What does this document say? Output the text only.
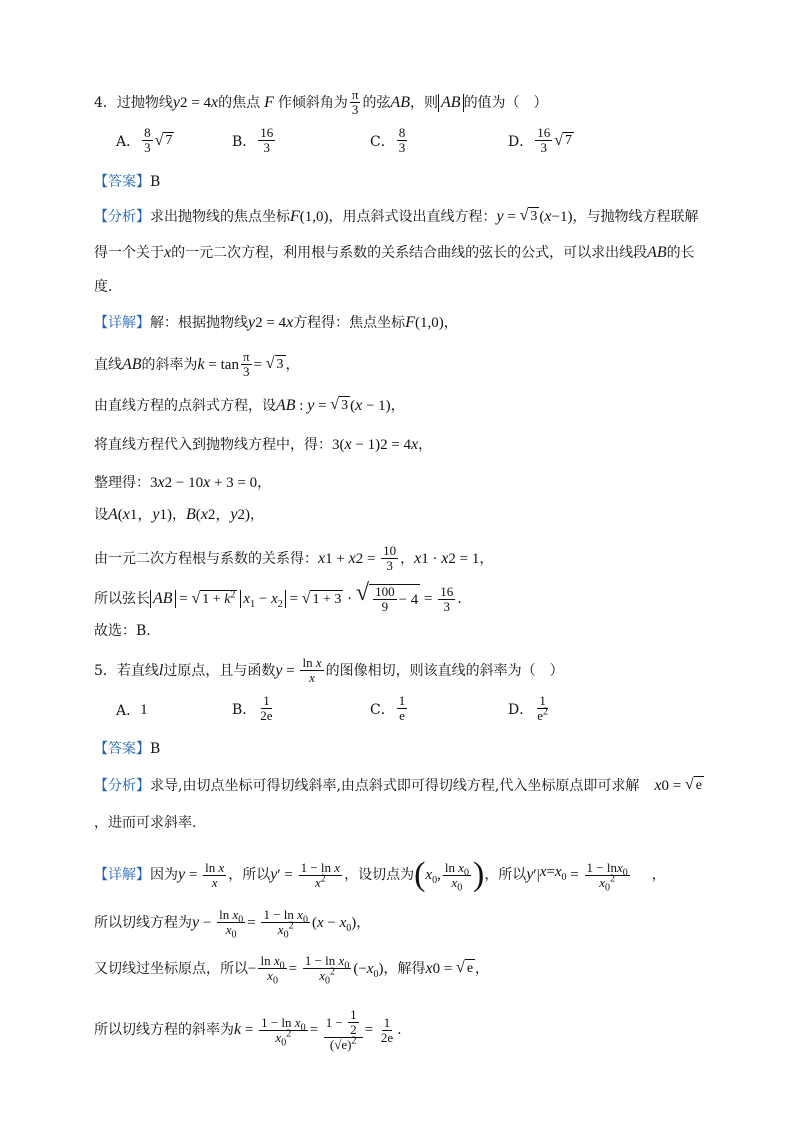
4． 过抛物线 y 2 = 4 x 的焦点 F 作倾斜角为 $\frac{\pi}{3}$ 的弦 AB ，则 AB 的值为（　）
A． $\frac{8}{3}$ √ 7	B． $\frac{16}{3}$	C． $\frac{8}{3}$	D． $\frac{16}{3}$ √ 7
【答案】 B
【分析】 求出抛物线的焦点坐标 F (1,0) ，用点斜式设出直线方程： y = √ 3 ( x −1) ，与抛物线方程联解
得一个关于 x 的一元二次方程，利用根与系数的关系结合曲线的弦长的公式，可以求出线段 AB 的长
度.
【详解】 解：根据抛物线 y 2 = 4 x 方程得：焦点坐标 F (1,0) ，
直线 AB 的斜率为 $k = \tan \frac{\pi}{3}$ = √ 3 ，
由直线方程的点斜式方程，设 AB : y = √ 3 ( x − 1) ，
将直线方程代入到抛物线方程中，得： 3( x − 1) 2 = 4 x ，
整理得： 3 x 2 − 10 x + 3 = 0 ，
设 A ( x 1 ， y 1 ) ， B ( x 2 ， y 2 ) ，
由一元二次方程根与系数的关系得： x 1 + x $2 = \frac{10}{3}$ ， x 1 · x 2 = 1 ，
所以弦长 AB = √ $1 + k^2$ $x_1 - x_2$ = √ 1 + 3 · √ $\frac{100}{9} - 4 = \frac{16}{3}$ .
故选：B．
5． 若直线 l 过原点，且与函数 $y = \frac{\text{ln x}}{x}$ 的图像相切，则该直线的斜率为（　）
A． 1	B． $\frac{1}{2e}$	C． $\frac{1}{e}$	D． $\frac{1}{e^2}$
【答案】 B
【分析】 求导,由切点坐标可得切线斜率,由点斜式即可得切线方程,代入坐标原点即可求解 x 0 = √ e
，进而可求斜率.
【详解】 因为 $y = \frac{\text{ln x}}{x}$ ，所以 y ′ = $\frac{\text{1 − ln x}}{x^2}$ ，设切点为 ( $x_0$, $\frac{\ln x_0}{x_0}$ ) ，所以 y ′| $x=x_0 = \frac{1 - \ln x_0}{x_0^2}$ ，
所以切线方程为 $y - \frac{\ln x_0}{x_0} = \frac{1 - \ln x_0}{x_0^2} (x - x_0)$ ，
又切线过坐标原点，所以 − $\frac{\ln x_0}{x_0} = \frac{1 - \ln x_0}{x_0^2} (-x_0)$ ，解得 x 0 = √ e ，
所以切线方程的斜率为 $k = \frac{1 - \ln x_0}{x_0^2} = \frac{1 - \frac{1}{2}}{(√e)^2} = \frac{1}{2e}$ .
